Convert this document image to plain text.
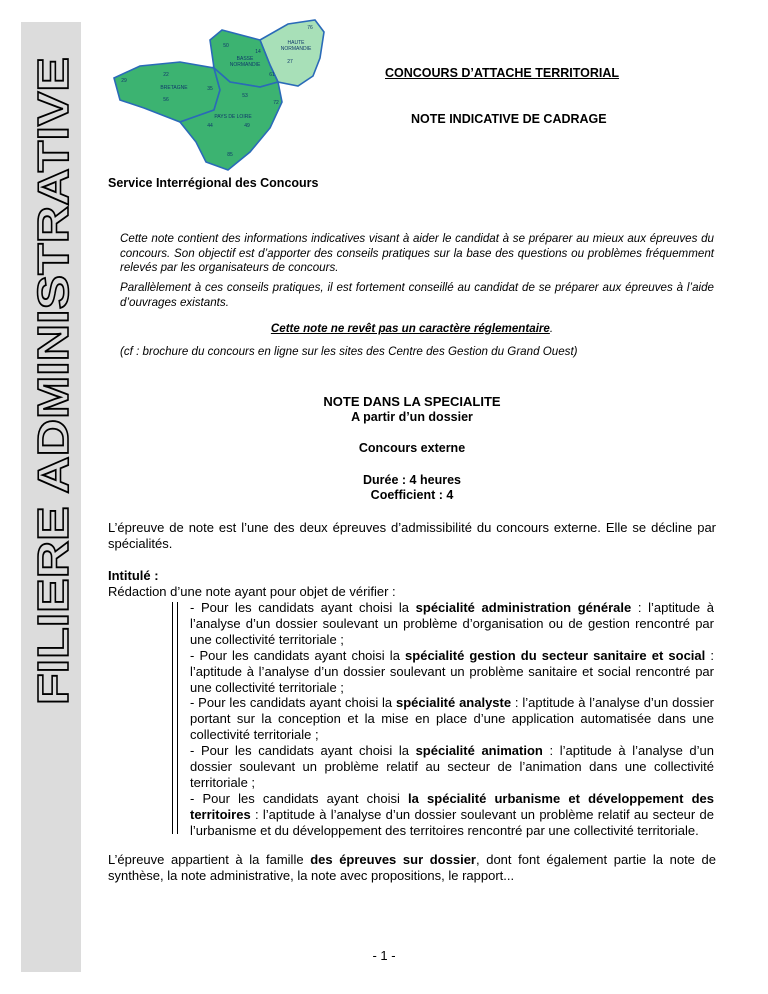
FILIERE ADMINISTRATIVE
76
50
14
HAUTE
NORMANDIE
BASSE
NORMANDIE	27
61
22
29
BRETAGNE
56
35
53
72
PAYS DE LOIRE
49
44
85
CONCOURS D’ATTACHE TERRITORIAL
NOTE INDICATIVE DE CADRAGE
Service Interrégional des Concours

Cette note contient des informations indicatives visant à aider le candidat à se préparer au mieux aux épreuves du concours. Son objectif est d’apporter des conseils pratiques sur la base des questions ou problèmes fréquemment relevés par les organisateurs de concours.

Parallèlement à ces conseils pratiques, il est fortement conseillé au candidat de se préparer aux épreuves à l’aide d’ouvrages existants.

Cette note ne revêt pas un caractère réglementaire.
(cf : brochure du concours en ligne sur les sites des Centre des Gestion du Grand Ouest)
NOTE DANS LA SPECIALITE
A partir d’un dossier
Concours externe
Durée : 4 heures
Coefficient : 4

L’épreuve de note est l’une des deux épreuves d’admissibilité du concours externe. Elle se décline par spécialités.

Intitulé :

Rédaction d’une note ayant pour objet de vérifier :

- Pour les candidats ayant choisi la spécialité administration générale : l’aptitude à l’analyse d’un dossier soulevant un problème d’organisation ou de gestion rencontré par une collectivité territoriale ;

- Pour les candidats ayant choisi la spécialité gestion du secteur sanitaire et social : l’aptitude à l’analyse d’un dossier soulevant un problème sanitaire et social rencontré par une collectivité territoriale ;

- Pour les candidats ayant choisi la spécialité analyste : l’aptitude à l’analyse d’un dossier portant sur la conception et la mise en place d’une application automatisée dans une collectivité territoriale ;

- Pour les candidats ayant choisi la spécialité animation : l’aptitude à l’analyse d’un dossier soulevant un problème relatif au secteur de l’animation dans une collectivité territoriale ;

- Pour les candidats ayant choisi la spécialité urbanisme et développement des territoires : l’aptitude à l’analyse d’un dossier soulevant un problème relatif au secteur de l’urbanisme et du développement des territoires rencontré par une collectivité territoriale.

L’épreuve appartient à la famille des épreuves sur dossier, dont font également partie la note de synthèse, la note administrative, la note avec propositions, le rapport...

- 1 -
